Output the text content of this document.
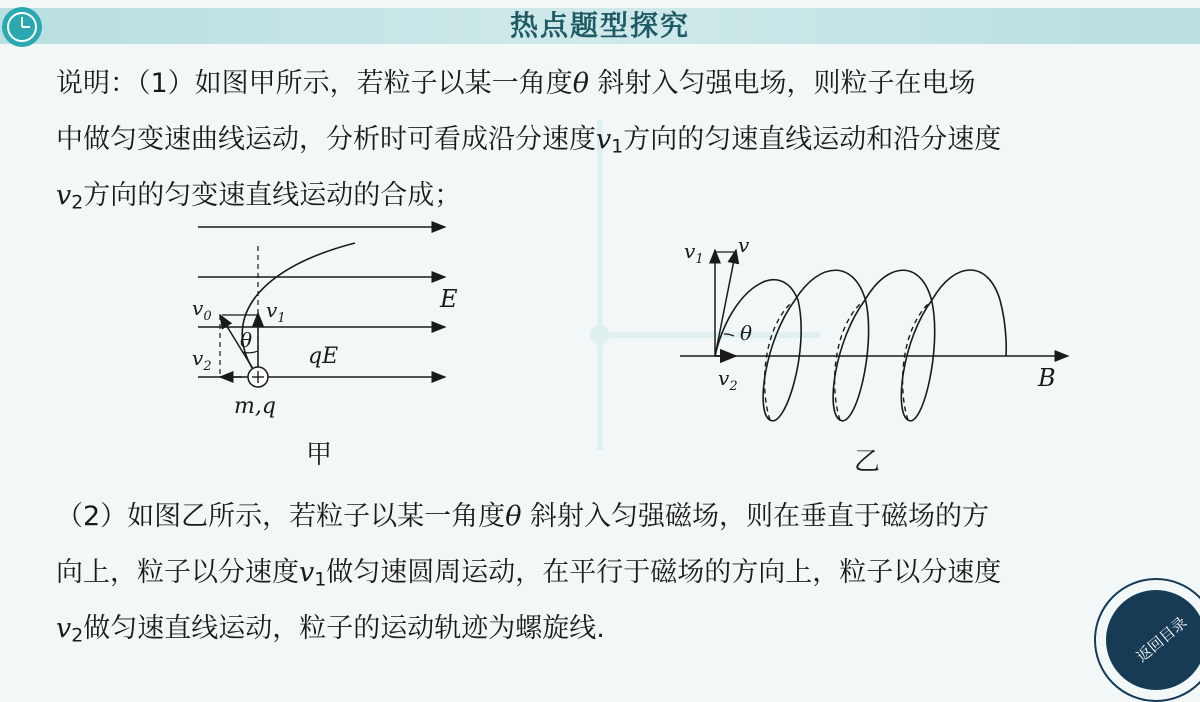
热点题型探究
说明：（1）如图甲所示，若粒子以某一角度θ 斜射入匀强电场，则粒子在电场
中做匀变速曲线运动，分析时可看成沿分速度$v_1$方向的匀速直线运动和沿分速度
$v_2$方向的匀变速直线运动的合成；
E
$v_0$	$v_1$
$v_2$
θ
qE
m,q
甲
$v_1$
v
θ
$v_2$	B
乙
（2）如图乙所示，若粒子以某一角度θ 斜射入匀强磁场，则在垂直于磁场的方
向上，粒子以分速度$v_1$做匀速圆周运动，在平行于磁场的方向上，粒子以分速度
$v_2$做匀速直线运动，粒子的运动轨迹为螺旋线.	返回目录
